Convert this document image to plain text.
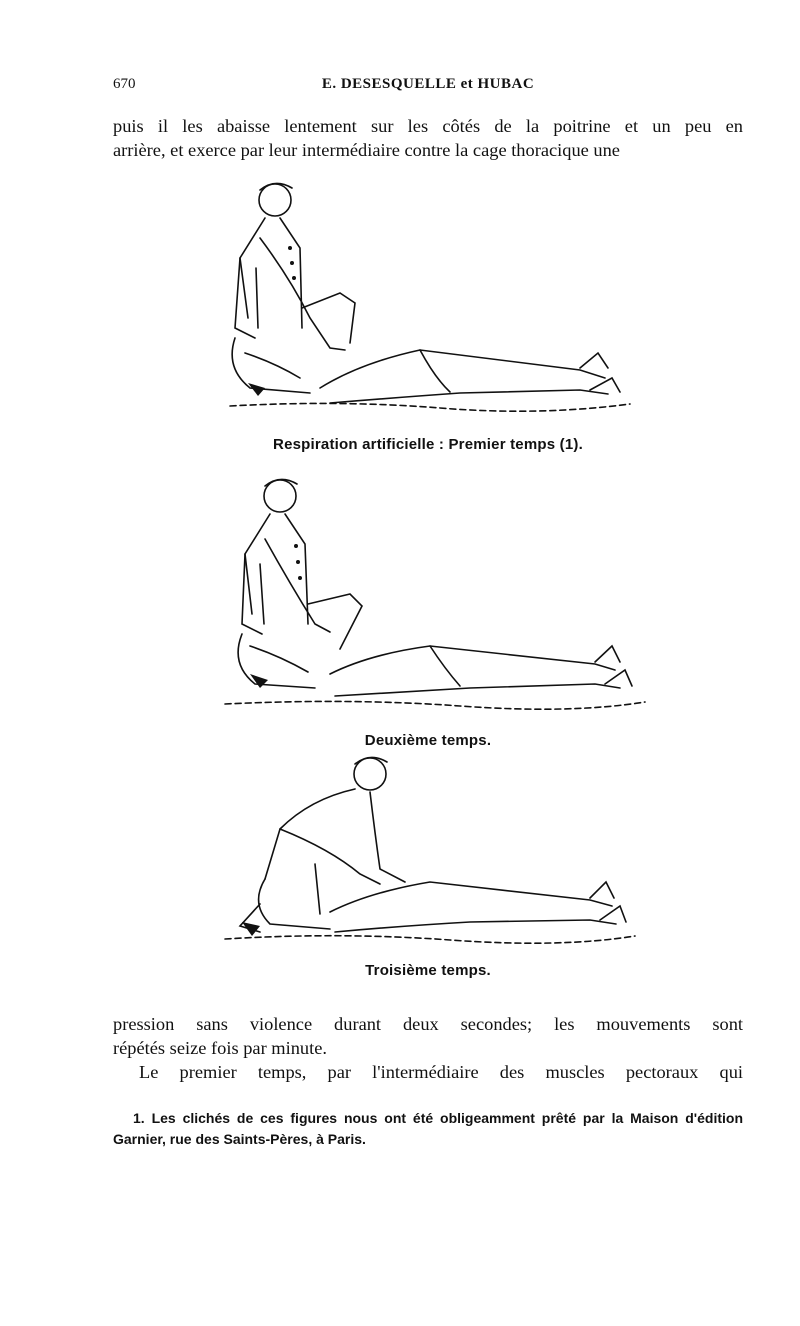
670	E. DESESQUELLE et HUBAC

puis il les abaisse lentement sur les côtés de la poitrine et un peu en

arrière, et exerce par leur intermédiaire contre la cage thoracique une

Respiration artificielle : Premier temps (1).
Deuxième temps.
Troisième temps.

pression sans violence durant deux secondes; les mouvements sont

répétés seize fois par minute.

Le premier temps, par l'intermédiaire des muscles pectoraux qui

1. Les clichés de ces figures nous ont été obligeamment prêté par la Maison d'édition Garnier, rue des Saints-Pères, à Paris.
